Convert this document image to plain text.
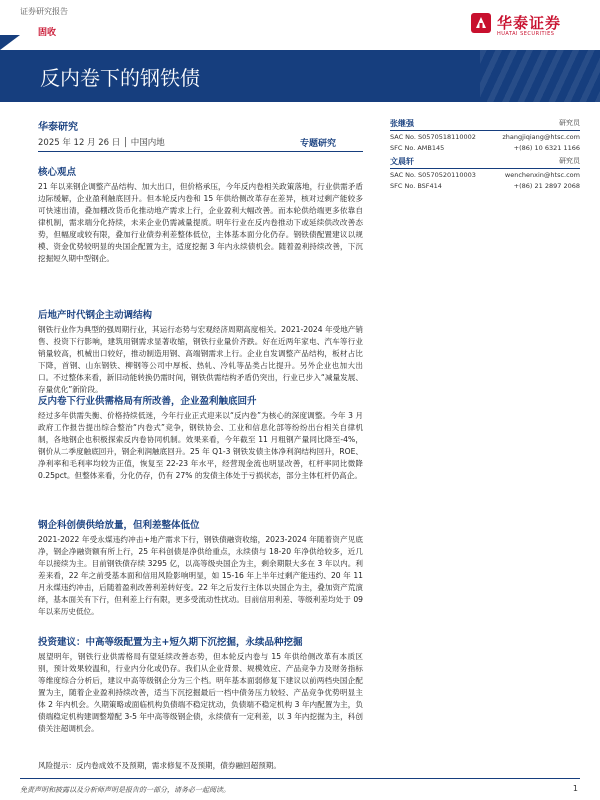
证券研究报告
固收
华泰证券
HUATAI SECURITIES
反内卷下的钢铁债
华泰研究
2025 年 12 月 26 日 │ 中国内地	专题研究
核心观点

21 年以来钢企调整产品结构、加大出口，但价格承压，今年反内卷相关政策落地，行业供需矛盾边际缓解，企业盈利触底回升。但本轮反内卷和 15 年供给侧改革存在差异，核对过剩产能较多可快速出清，叠加棚改货币化推动地产需求上行，企业盈利大幅改善。而本轮供给端更多依靠自律机制，需求端分化持续，未来企业仍需减量提质。明年行业在反内卷推动下或延续供改改善态势，但幅度或较有限，叠加行业债券利差整体低位，主体基本面分化仍存。钢铁债配置建议以规模、资金优势较明显的央国企配置为主，适度挖掘 3 年内永续债机会。随着盈利持续改善，下沉挖掘短久期中型钢企。

后地产时代钢企主动调结构

钢铁行业作为典型的强周期行业，其运行态势与宏观经济周期高度相关。2021-2024 年受地产销售、投资下行影响，建筑用钢需求显著收缩，钢铁行业量价齐跌。好在近两年家电、汽车等行业销量较高，机械出口较好，推动制造用钢、高端钢需求上行。企业自发调整产品结构，板材占比下降，首钢、山东钢铁、柳钢等公司中厚板、热轧、冷轧等品类占比提升。另外企业也加大出口。不过整体来看，新旧动能转换仍需时间，钢铁供需结构矛盾仍突出，行业已步入“减量发展、存量优化”新阶段。

反内卷下行业供需格局有所改善，企业盈利触底回升

经过多年供需失衡、价格持续低迷，今年行业正式迎来以“反内卷”为核心的深度调整。今年 3 月政府工作报告提出综合整治“内卷式”竞争，钢铁协会、工业和信息化部等纷纷出台相关自律机制，各地钢企也积极探索反内卷协同机制。效果来看，今年截至 11 月粗钢产量同比降至-4%，钢价从二季度触底回升，钢企利润触底回升。25 年 Q1-3 钢铁发债主体净利润结构回升，ROE、净利率和毛利率均较为正值，恢复至 22-23 年水平，经营现金流也明显改善，杠杆率同比微降 0.25pct。但整体来看，分化仍存，仍有 27% 的发债主体处于亏损状态，部分主体杠杆仍高企。

钢企科创债供给放量，但利差整体低位

2021-2022 年受永煤违约冲击+地产需求下行，钢铁债融资收缩，2023-2024 年随着资产见底净，钢企净融资额有所上行，25 年科创债是净供给重点，永续债与 18-20 年净供给较多，近几年以接续为主。目前钢铁债存续 3295 亿，以高等级央国企为主，剩余期限大多在 3 年以内。利差来看，22 年之前受基本面和信用风险影响明显，如 15-16 年上半年过剩产能违约、20 年 11 月永煤违约冲击，后随着盈利改善利差转好变。22 年之后发行主体以央国企为主，叠加资产荒演绎，基本面关有下行，但利差上行有限，更多受流动性扰动。目前信用利差、等级利差均处于 09 年以来历史低位。

投资建议：中高等级配置为主+短久期下沉挖掘，永续品种挖掘

展望明年，钢铁行业供需格局有望延续改善态势，但本轮反内卷与 15 年供给侧改革有本质区别，预计效果较温和，行业内分化或仍存。我们从企业背景、规模效应、产品竞争力及财务指标等维度综合分析后，建议中高等级钢企分为三个档。明年基本面弱修复下建议以前两档央国企配置为主，随着企业盈利持续改善，适当下沉挖掘最后一档中债务压力较轻、产品竞争优势明显主体 2 年内机会。久期策略或面临机构负债端不稳定扰动，负债端不稳定机构 3 年内配置为主，负债端稳定机构建调整增配 3-5 年中高等级钢企债，永续债有一定利差，以 3 年内挖掘为主，科创债关注超调机会。

风险提示：反内卷成效不及预期，需求修复不及预期，债券融回超预期。

张继强	研究员
SAC No. S0570518110002	zhangjiqiang@htsc.com
SFC No. AMB145	+(86) 10 6321 1166
文晨轩	研究员
SAC No. S0570520110003	wenchenxin@htsc.com
SFC No. BSF414	+(86) 21 2897 2068
免责声明和披露以及分析师声明是报告的一部分，请务必一起阅读。	1
